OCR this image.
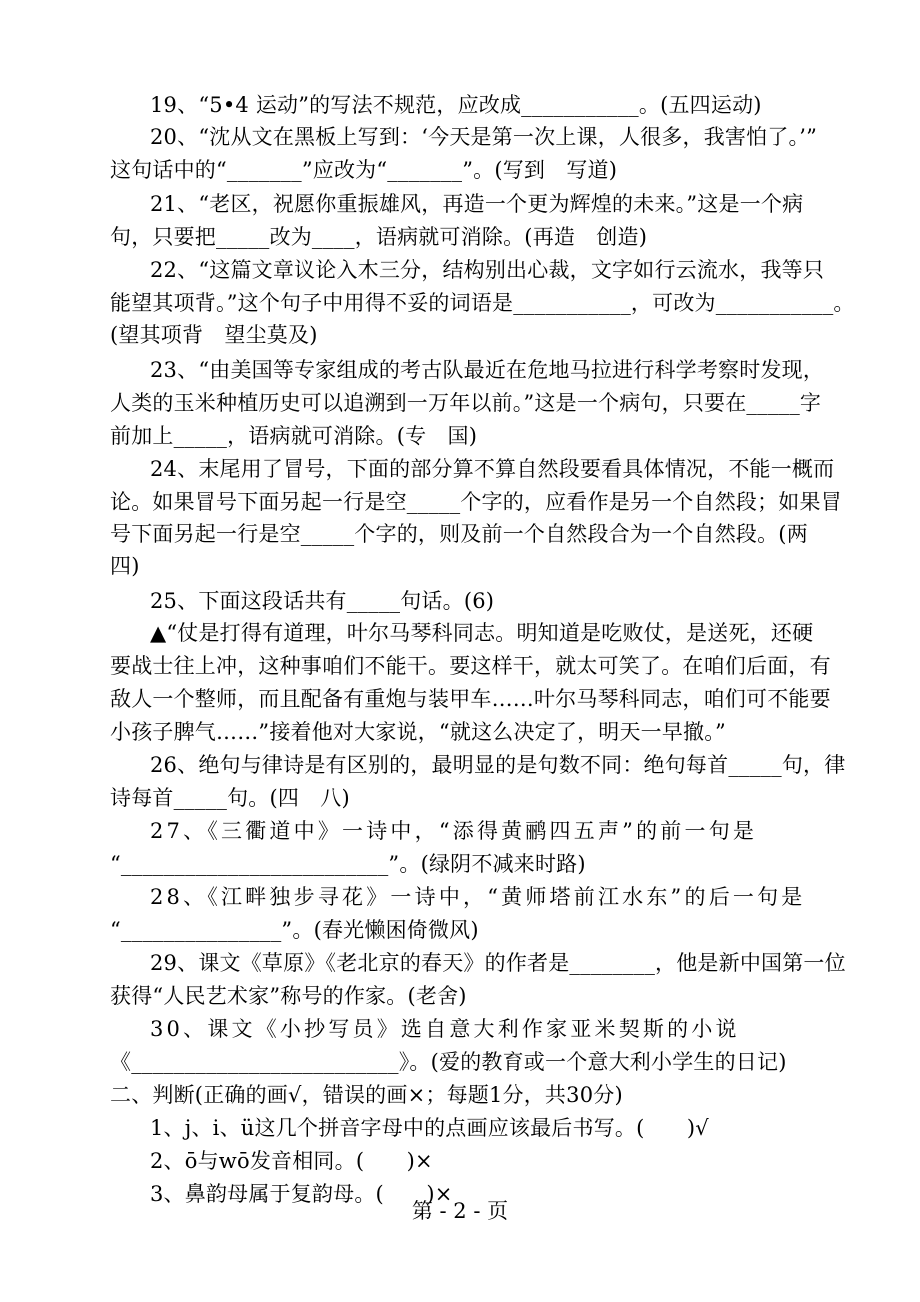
19、“5•4 运动”的写法不规范，应改成___________。(五四运动)
20、“沈从文在黑板上写到：‘今天是第一次上课，人很多，我害怕了。’”
这句话中的“_______”应改为“_______”。(写到　写道)
21、“老区，祝愿你重振雄风，再造一个更为辉煌的未来。”这是一个病
句，只要把_____改为____，语病就可消除。(再造　创造)
22、“这篇文章议论入木三分，结构别出心裁，文字如行云流水，我等只
能望其项背。”这个句子中用得不妥的词语是___________，可改为___________。
(望其项背　望尘莫及)
23、“由美国等专家组成的考古队最近在危地马拉进行科学考察时发现，
人类的玉米种植历史可以追溯到一万年以前。”这是一个病句，只要在_____字
前加上_____，语病就可消除。(专　国)
24、末尾用了冒号，下面的部分算不算自然段要看具体情况，不能一概而
论。如果冒号下面另起一行是空_____个字的，应看作是另一个自然段；如果冒
号下面另起一行是空_____个字的，则及前一个自然段合为一个自然段。(两
四)
25、下面这段话共有_____句话。(6)
▲“仗是打得有道理，叶尔马琴科同志。明知道是吃败仗，是送死，还硬
要战士往上冲，这种事咱们不能干。要这样干，就太可笑了。在咱们后面，有
敌人一个整师，而且配备有重炮与装甲车……叶尔马琴科同志，咱们可不能要
小孩子脾气……”接着他对大家说，“就这么决定了，明天一早撤。”
26、绝句与律诗是有区别的，最明显的是句数不同：绝句每首_____句，律
诗每首_____句。(四　八)
27、《三衢道中》一诗中，“添得黄鹂四五声”的前一句是
“_________________________”。(绿阴不减来时路)
28、《江畔独步寻花》一诗中，“黄师塔前江水东”的后一句是
“_______________”。(春光懒困倚微风)
29、课文《草原》《老北京的春天》的作者是________，他是新中国第一位
获得“人民艺术家”称号的作家。(老舍)
30、课文《小抄写员》选自意大利作家亚米契斯的小说
《_________________________》。(爱的教育或一个意大利小学生的日记)
二、判断(正确的画√，错误的画×；每题1分，共30分)
1、j、i、ü这几个拼音字母中的点画应该最后书写。(　　)√
2、ō与wō发音相同。(　　)×
3、鼻韵母属于复韵母。(　　)×
第 - 2 - 页
